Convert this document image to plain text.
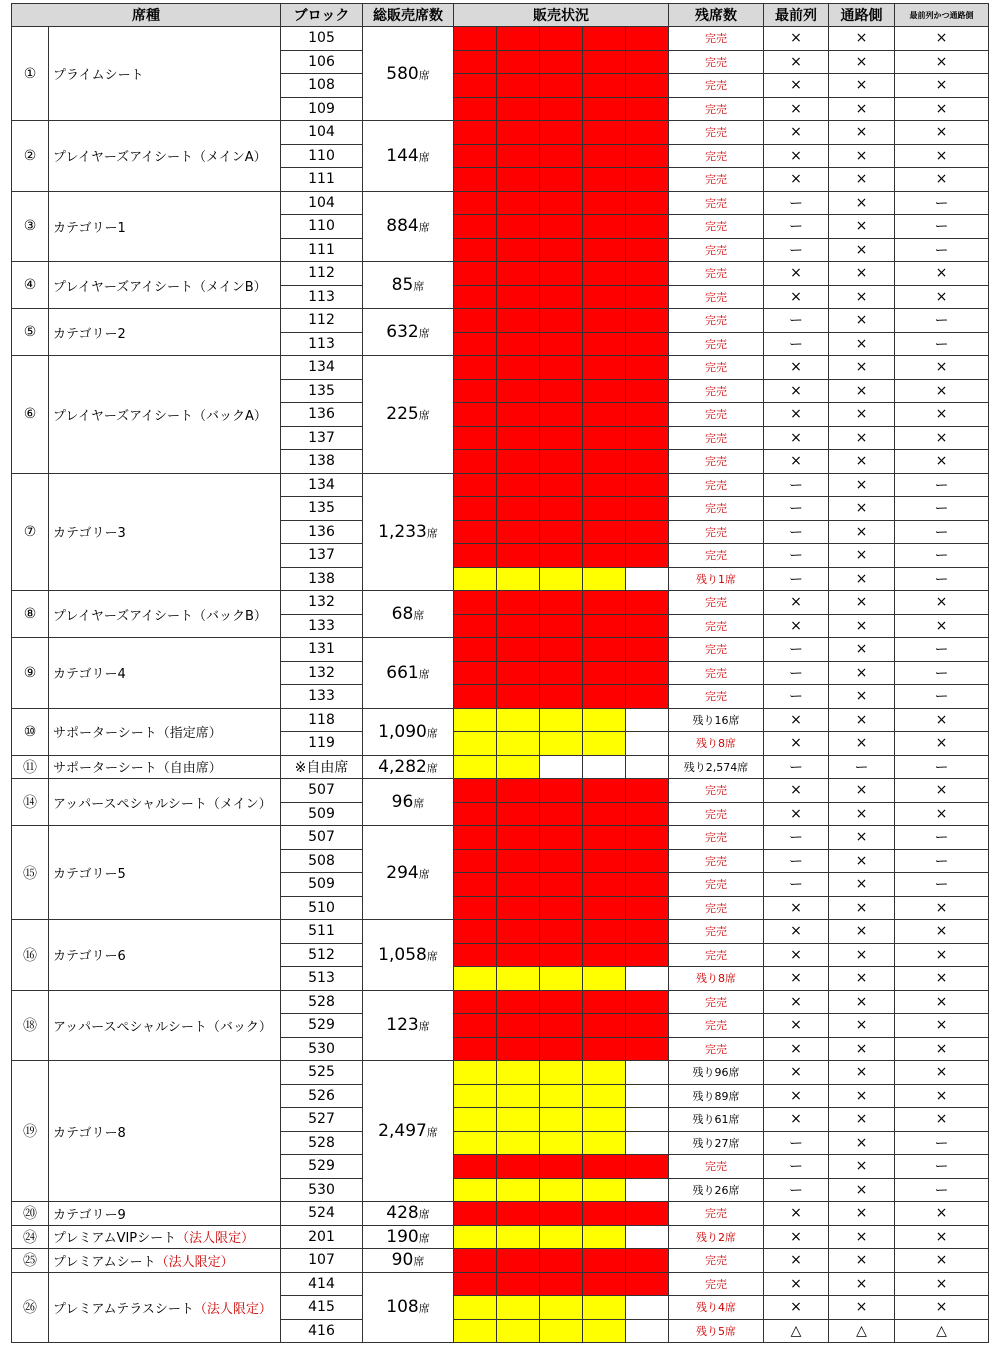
席種		ブロック	総販売席数	販売状況					残席数	最前列	通路側	最前列かつ通路側
①	プライムシート	105	580席						完売	×	×	×
		106							完売	×	×	×
		108							完売	×	×	×
		109							完売	×	×	×
②	プレイヤーズアイシート（メインA）	104	144席						完売	×	×	×
		110							完売	×	×	×
		111							完売	×	×	×
③	カテゴリー1	104	884席						完売	ー	×	ー
		110							完売	ー	×	ー
		111							完売	ー	×	ー
④	プレイヤーズアイシート（メインB）	112	85席						完売	×	×	×
		113							完売	×	×	×
⑤	カテゴリー2	112	632席						完売	ー	×	ー
		113							完売	ー	×	ー
⑥	プレイヤーズアイシート（バックA）	134	225席						完売	×	×	×
		135							完売	×	×	×
		136							完売	×	×	×
		137							完売	×	×	×
		138							完売	×	×	×
⑦	カテゴリー3	134	1,233席						完売	ー	×	ー
		135							完売	ー	×	ー
		136							完売	ー	×	ー
		137							完売	ー	×	ー
		138							残り1席	ー	×	ー
⑧	プレイヤーズアイシート（バックB）	132	68席						完売	×	×	×
		133							完売	×	×	×
⑨	カテゴリー4	131	661席						完売	ー	×	ー
		132							完売	ー	×	ー
		133							完売	ー	×	ー
⑩	サポーターシート（指定席）	118	1,090席						残り16席	×	×	×
		119							残り8席	×	×	×
⑪	サポーターシート（自由席）	※自由席	4,282席						残り2,574席	ー	ー	ー
⑭	アッパースペシャルシート（メイン）	507	96席						完売	×	×	×
		509							完売	×	×	×
⑮	カテゴリー5	507	294席						完売	ー	×	ー
		508							完売	ー	×	ー
		509							完売	ー	×	ー
		510							完売	×	×	×
⑯	カテゴリー6	511	1,058席						完売	×	×	×
		512							完売	×	×	×
		513							残り8席	×	×	×
⑱	アッパースペシャルシート（バック）	528	123席						完売	×	×	×
		529							完売	×	×	×
		530							完売	×	×	×
⑲	カテゴリー8	525	2,497席						残り96席	×	×	×
		526							残り89席	×	×	×
		527							残り61席	×	×	×
		528							残り27席	ー	×	ー
		529							完売	ー	×	ー
		530							残り26席	ー	×	ー
⑳	カテゴリー9	524	428席						完売	×	×	×
㉔	プレミアムVIPシート（法人限定）	201	190席						残り2席	×	×	×
㉕	プレミアムシート（法人限定）	107	90席						完売	×	×	×
㉖	プレミアムテラスシート（法人限定）	414	108席						完売	×	×	×
		415							残り4席	×	×	×
		416							残り5席	△	△	△
